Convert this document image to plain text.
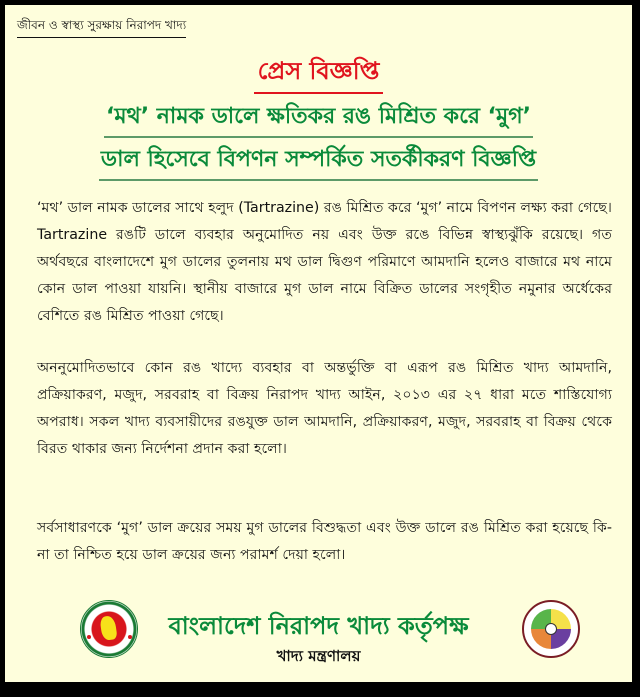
জীবন ও স্বাস্থ্য সুরক্ষায় নিরাপদ খাদ্য
প্রেস বিজ্ঞপ্তি
‘মথ’ নামক ডালে ক্ষতিকর রঙ মিশ্রিত করে ‘মুগ’
ডাল হিসেবে বিপণন সম্পর্কিত সতর্কীকরণ বিজ্ঞপ্তি

‘মথ’ ডাল নামক ডালের সাথে হলুদ (Tartrazine) রঙ মিশ্রিত করে ‘মুগ’ নামে বিপণন লক্ষ্য করা গেছে। Tartrazine রঙটি ডালে ব্যবহার অনুমোদিত নয় এবং উক্ত রঙে বিভিন্ন স্বাস্থ্যঝুঁকি রয়েছে। গত অর্থবছরে বাংলাদেশে মুগ ডালের তুলনায় মথ ডাল দ্বিগুণ পরিমাণে আমদানি হলেও বাজারে মথ নামে কোন ডাল পাওয়া যায়নি। স্থানীয় বাজারে মুগ ডাল নামে বিক্রিত ডালের সংগৃহীত নমুনার অর্ধেকের বেশিতে রঙ মিশ্রিত পাওয়া গেছে।

অননুমোদিতভাবে কোন রঙ খাদ্যে ব্যবহার বা অন্তর্ভুক্তি বা এরূপ রঙ মিশ্রিত খাদ্য আমদানি, প্রক্রিয়াকরণ, মজুদ, সরবরাহ বা বিক্রয় নিরাপদ খাদ্য আইন, ২০১৩ এর ২৭ ধারা মতে শাস্তিযোগ্য অপরাধ। সকল খাদ্য ব্যবসায়ীদের রঙযুক্ত ডাল আমদানি, প্রক্রিয়াকরণ, মজুদ, সরবরাহ বা বিক্রয় থেকে বিরত থাকার জন্য নির্দেশনা প্রদান করা হলো।

সর্বসাধারণকে ‘মুগ’ ডাল ক্রয়ের সময় মুগ ডালের বিশুদ্ধতা এবং উক্ত ডালে রঙ মিশ্রিত করা হয়েছে কি-না তা নিশ্চিত হয়ে ডাল ক্রয়ের জন্য পরামর্শ দেয়া হলো।

বাংলাদেশ নিরাপদ খাদ্য কর্তৃপক্ষ
খাদ্য মন্ত্রণালয়
